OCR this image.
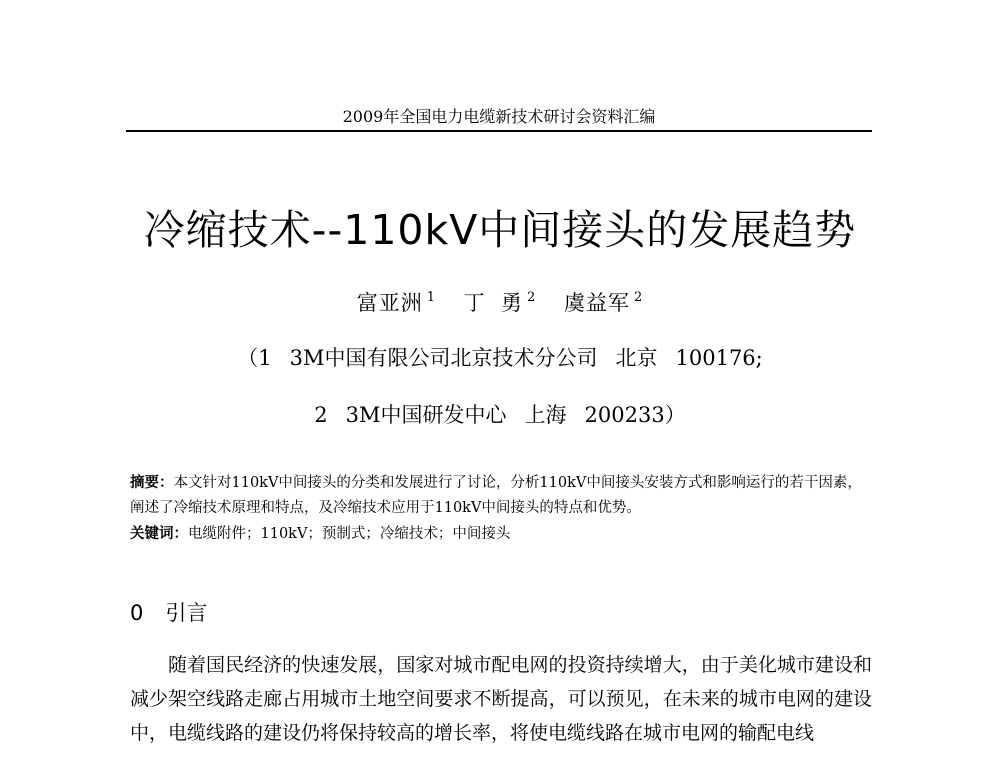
2009年全国电力电缆新技术研讨会资料汇编
冷缩技术--110kV中间接头的发展趋势
富亚洲 $^1$ 丁  勇 $^2$ 虞益军 $^2$
（1 3M中国有限公司北京技术分公司 北京 100176;
2 3M中国研发中心 上海 200233）
摘要：本文针对110kV中间接头的分类和发展进行了讨论，分析110kV中间接头安装方式和影响运行的若干因素，阐述了冷缩技术原理和特点，及冷缩技术应用于110kV中间接头的特点和优势。
关键词：电缆附件；110kV；预制式；冷缩技术；中间接头
0 引言

随着国民经济的快速发展，国家对城市配电网的投资持续增大，由于美化城市建设和减少架空线路走廊占用城市土地空间要求不断提高，可以预见，在未来的城市电网的建设中，电缆线路的建设仍将保持较高的增长率，将使电缆线路在城市电网的输配电线
